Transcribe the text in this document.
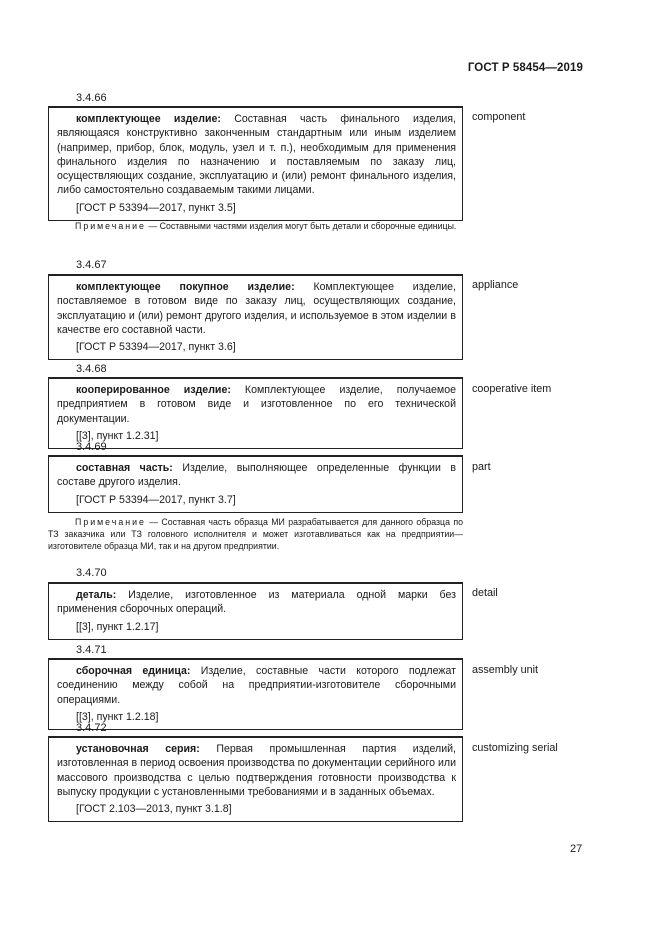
ГОСТ Р 58454—2019
3.4.66
комплектующее изделие: Составная часть финального изделия, являющаяся конструктивно законченным стандартным или иным изделием (например, прибор, блок, модуль, узел и т. п.), необходимым для применения финального изделия по назначению и поставляемым по заказу лиц, осуществляющих создание, эксплуатацию и (или) ремонт финального изделия, либо самостоятельно создаваемым такими лицами.
[ГОСТ Р 53394—2017, пункт 3.5]
component
Примечание — Составными частями изделия могут быть детали и сборочные единицы.
3.4.67
комплектующее покупное изделие: Комплектующее изделие, поставляемое в готовом виде по заказу лиц, осуществляющих создание, эксплуатацию и (или) ремонт другого изделия, и используемое в этом изделии в качестве его составной части.
[ГОСТ Р 53394—2017, пункт 3.6]
appliance
3.4.68
кооперированное изделие: Комплектующее изделие, получаемое предприятием в готовом виде и изготовленное по его технической документации.
[[3], пункт 1.2.31]
cooperative item
3.4.69
составная часть: Изделие, выполняющее определенные функции в составе другого изделия.
[ГОСТ Р 53394—2017, пункт 3.7]
part
Примечание — Составная часть образца МИ разрабатывается для данного образца по ТЗ заказчика или ТЗ головного исполнителя и может изготавливаться как на предприятии—изготовителе образца МИ, так и на другом предприятии.
3.4.70
деталь: Изделие, изготовленное из материала одной марки без применения сборочных операций.
[[3], пункт 1.2.17]
detail
3.4.71
сборочная единица: Изделие, составные части которого подлежат соединению между собой на предприятии-изготовителе сборочными операциями.
[[3], пункт 1.2.18]
assembly unit
3.4.72
установочная серия: Первая промышленная партия изделий, изготовленная в период освоения производства по документации серийного или массового производства с целью подтверждения готовности производства к выпуску продукции с установленными требованиями и в заданных объемах.
[ГОСТ 2.103—2013, пункт 3.1.8]
customizing serial
27
